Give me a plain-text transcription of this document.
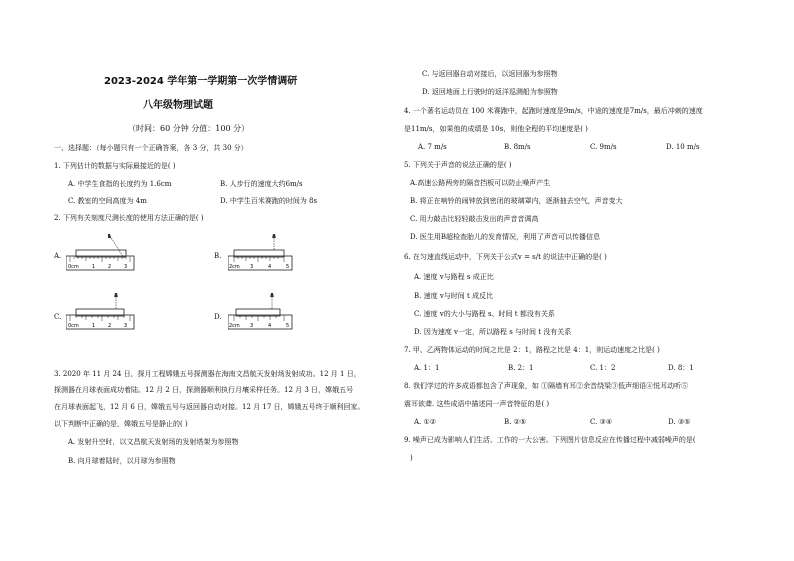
2023-2024 学年第一学期第一次学情调研
八年级物理试题
（时间：60 分钟 分值：100 分）
一、选择题：（每小题只有一个正确答案，各 3 分，共 30 分）
1. 下列估计的数据与实际最接近的是( )
A. 中学生食指的长度约为 1.6cm	B. 人步行的速度大约6m/s
C. 教室的空间高度为 4m	D. 中学生百米赛跑的时间为 8s
2. 下列有关刻度尺测长度的使用方法正确的是( )
A.	B.
C.	D.
0cm	1	2	3	2cm 3	4	5
0cm	1	2	3	2cm 3	4	5
3. 2020 年 11 月 24 日，探月工程嫦娥五号探测器在海南文昌航天发射场发射成功。12 月 1 日，
探测器在月球表面成功着陆。12 月 2 日，探测器顺利执行月壤采样任务。12 月 3 日，嫦娥五号
在月球表面起飞，12 月 6 日，嫦娥五号与返回器自动对接。12 月 17 日，嫦娥五号终于顺利回家。
以下判断中正确的是，嫦娥五号是静止的( )
A. 发射升空时，以文昌航天发射场的发射塔架为参照物
B. 向月球着陆时，以月球为参照物
C. 与返回器自动对接后，以返回器为参照物
D. 返回地面上行驶时的返洋巡测船为参照物
4. 一个著名运动员在 100 米赛跑中，起跑时速度是9m/s，中途的速度是7m/s，最后冲刺的速度
是11m/s，如果他的成绩是 10s，则他全程的平均速度是( )
A. 7 m/s	B. 8m/s	C. 9m/s	D. 10 m/s
5. 下列关于声音的说法正确的是( )
A.高速公路两旁的隔音挡板可以防止噪声产生
B. 将正在响铃的闹钟放到密闭的玻璃罩内，逐渐抽去空气，声音变大
C. 用力敲击比轻轻敲击发出的声音音调高
D. 医生用B超检查胎儿的发育情况，利用了声音可以传播信息
6. 在匀速直线运动中，下列关于公式v = s/t 的说法中正确的是( )
A. 速度 v与路程 s 成正比
B. 速度 v与时间 t 成反比
C. 速度 v的大小与路程 s、时间 t 都没有关系
D. 因为速度 v一定，所以路程 s 与时间 t 没有关系
7. 甲、乙两物体运动的时间之比是 2：1，路程之比是 4：1，则运动速度之比是( )
A. 1：1	B. 2：1	C. 1：2	D. 8：1
8. 我们学过的许多成语都包含了声现象，如 ①隔墙有耳②余音绕梁③低声细语④悦耳动听⑤
震耳欲聋. 这些成语中描述同一声音特征的是( )
A. ①②	B. ②⑤	C. ③④	D. ③⑤
9. 噪声已成为影响人们生活、工作的一大公害。下列图片信息反应在传播过程中减弱噪声的是(
)
